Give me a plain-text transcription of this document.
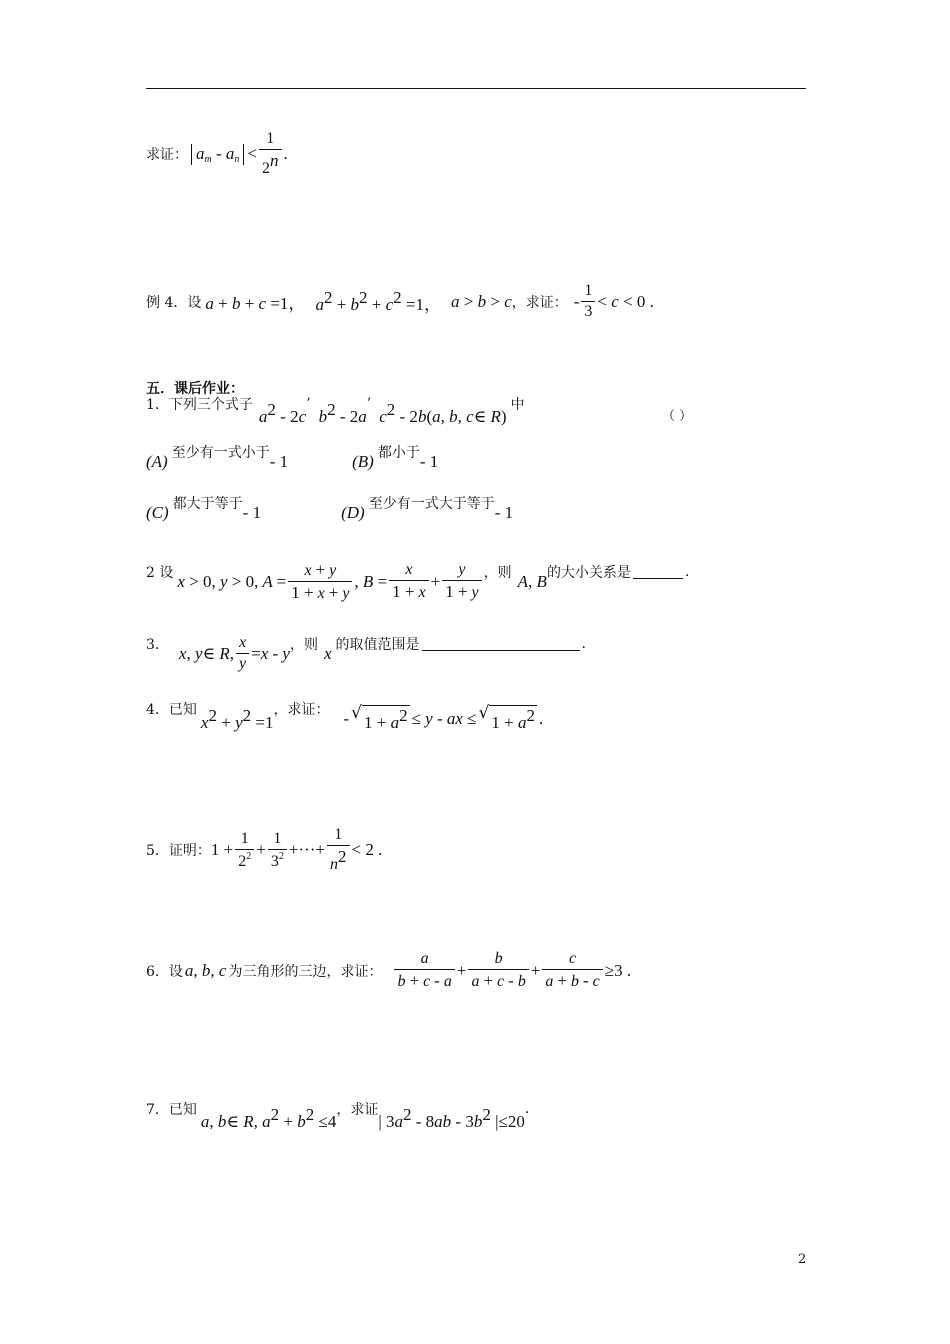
求证： $a_m - a_n < \frac{1}{2^n}$ .
例 4．设 a + b + c =1， $a^2 + b^2 + c^2 =1$， a > b > c ，求证： - $\frac{1}{3} < c < 0$ .
五．课后作业：
1．下列三个式子
$a^2 - 2c$
’
$b^2 - 2a$
’
$c^2 - 2b(a$, b, c∈ R)
中
（ ）
(A) 至少有一式小于 - 1	(B) 都小于 - 1
(C) 都大于等于 - 1	(D) 至少有一式大于等于 - 1
2 设 x > 0, y > 0, $A = \frac{x + y}{1 + x + y}$ , $B = \frac{x}{1 + x} + \frac{y}{1 + y}$ ，则 A, B 的大小关系是	.
3． x, y∈ R, $\frac{x}{y} =x - y$ ，则 x 的取值范围是	.
4．已知
$x^2 + y^2 =1$
，求证： - √ $1 + a^2 \le y$ - ax ≤ √ $1 + a^2$ .
5．证明： $1 + \frac{1}{2^2} + \frac{1}{3^2}$ +···+ $\frac{1}{n^2} < 2$ .
6．设 a, b, c 为三角形的三边，求证： $\frac{a}{b + c - a} + \frac{b}{a + c - b} + \frac{c}{a + b - c} \ge 3$ .
7．已知
a, b∈ R, $a^2 + b^2 \le 4$
，求证
| $3a^2 - 8ab - 3b^2$ |≤20
.
2
